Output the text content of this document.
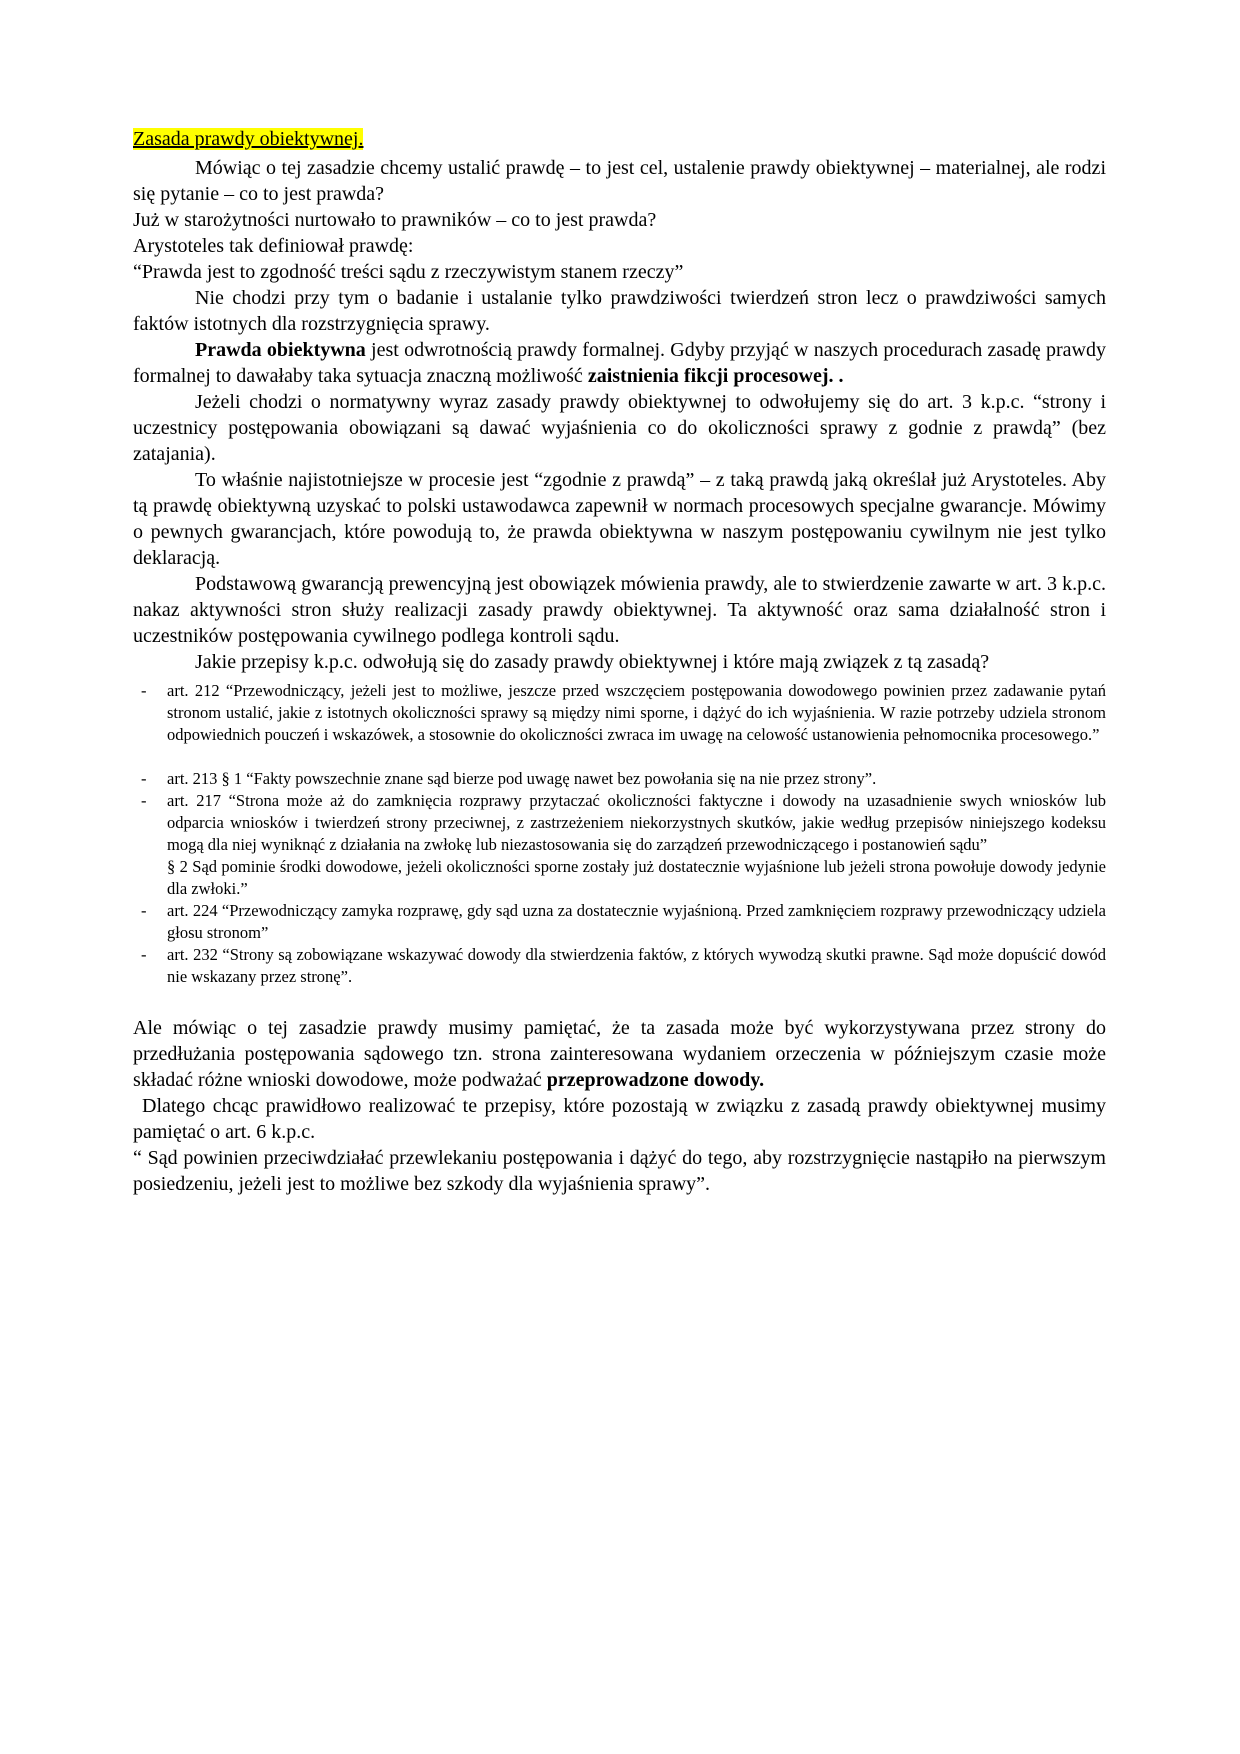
Zasada prawdy obiektywnej.

Mówiąc o tej zasadzie chcemy ustalić prawdę – to jest cel, ustalenie prawdy obiektywnej – materialnej, ale rodzi się pytanie – co to jest prawda?

Już w starożytności nurtowało to prawników – co to jest prawda?

Arystoteles tak definiował prawdę:

“Prawda jest to zgodność treści sądu z rzeczywistym stanem rzeczy”

Nie chodzi przy tym o badanie i ustalanie tylko prawdziwości twierdzeń stron lecz o prawdziwości samych faktów istotnych dla rozstrzygnięcia sprawy.

Prawda obiektywna jest odwrotnością prawdy formalnej. Gdyby przyjąć w naszych procedurach zasadę prawdy formalnej to dawałaby taka sytuacja znaczną możliwość zaistnienia fikcji procesowej. .

Jeżeli chodzi o normatywny wyraz zasady prawdy obiektywnej to odwołujemy się do art. 3 k.p.c. “strony i uczestnicy postępowania obowiązani są dawać wyjaśnienia co do okoliczności sprawy z godnie z prawdą” (bez zatajania).

To właśnie najistotniejsze w procesie jest “zgodnie z prawdą” – z taką prawdą jaką określał już Arystoteles. Aby tą prawdę obiektywną uzyskać to polski ustawodawca zapewnił w normach procesowych specjalne gwarancje. Mówimy o pewnych gwarancjach, które powodują to, że prawda obiektywna w naszym postępowaniu cywilnym nie jest tylko deklaracją.

Podstawową gwarancją prewencyjną jest obowiązek mówienia prawdy, ale to stwierdzenie zawarte w art. 3 k.p.c. nakaz aktywności stron służy realizacji zasady prawdy obiektywnej. Ta aktywność oraz sama działalność stron i uczestników postępowania cywilnego podlega kontroli sądu.

Jakie przepisy k.p.c. odwołują się do zasady prawdy obiektywnej i które mają związek z tą zasadą?

- art. 212 “Przewodniczący, jeżeli jest to możliwe, jeszcze przed wszczęciem postępowania dowodowego powinien przez zadawanie pytań stronom ustalić, jakie z istotnych okoliczności sprawy są między nimi sporne, i dążyć do ich wyjaśnienia. W razie potrzeby udziela stronom odpowiednich pouczeń i wskazówek, a stosownie do okoliczności zwraca im uwagę na celowość ustanowienia pełnomocnika procesowego.”
- art. 213 § 1 “Fakty powszechnie znane sąd bierze pod uwagę nawet bez powołania się na nie przez strony”.
- art. 217 “Strona może aż do zamknięcia rozprawy przytaczać okoliczności faktyczne i dowody na uzasadnienie swych wniosków lub odparcia wniosków i twierdzeń strony przeciwnej, z zastrzeżeniem niekorzystnych skutków, jakie według przepisów niniejszego kodeksu mogą dla niej wyniknąć z działania na zwłokę lub niezastosowania się do zarządzeń przewodniczącego i postanowień sądu”
§ 2 Sąd pominie środki dowodowe, jeżeli okoliczności sporne zostały już dostatecznie wyjaśnione lub jeżeli strona powołuje dowody jedynie dla zwłoki.”
- art. 224 “Przewodniczący zamyka rozprawę, gdy sąd uzna za dostatecznie wyjaśnioną. Przed zamknięciem rozprawy przewodniczący udziela głosu stronom”
- art. 232 “Strony są zobowiązane wskazywać dowody dla stwierdzenia faktów, z których wywodzą skutki prawne. Sąd może dopuścić dowód nie wskazany przez stronę”.

Ale mówiąc o tej zasadzie prawdy musimy pamiętać, że ta zasada może być wykorzystywana przez strony do przedłużania postępowania sądowego tzn. strona zainteresowana wydaniem orzeczenia w późniejszym czasie może składać różne wnioski dowodowe, może podważać przeprowadzone dowody.

Dlatego chcąc prawidłowo realizować te przepisy, które pozostają w związku z zasadą prawdy obiektywnej musimy pamiętać o art. 6 k.p.c.

“ Sąd powinien przeciwdziałać przewlekaniu postępowania i dążyć do tego, aby rozstrzygnięcie nastąpiło na pierwszym posiedzeniu, jeżeli jest to możliwe bez szkody dla wyjaśnienia sprawy”.
